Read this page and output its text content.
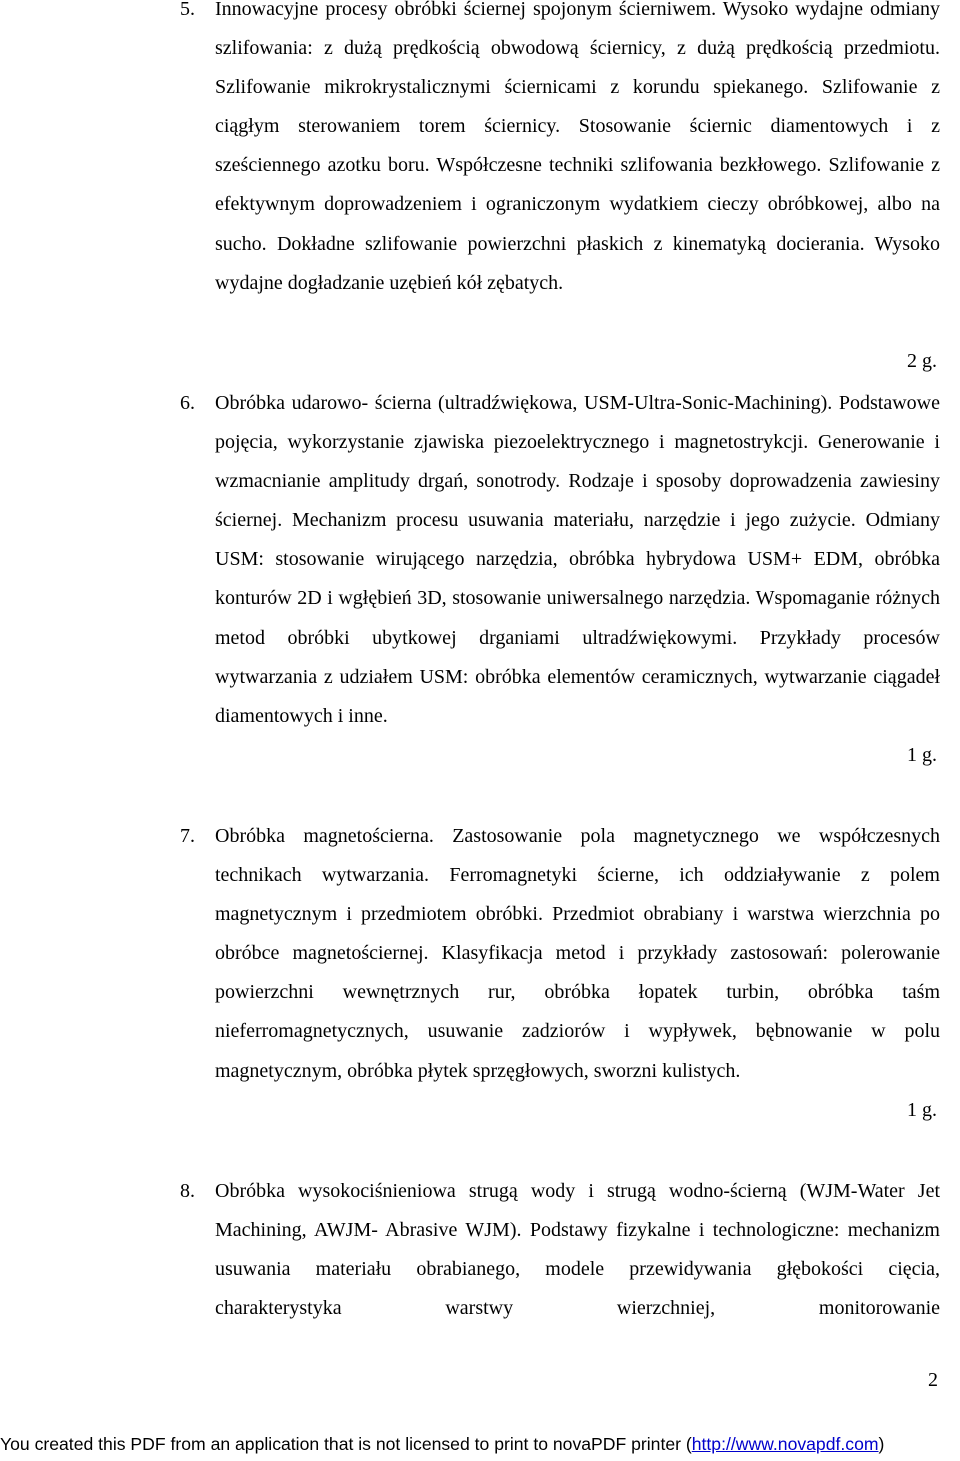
5. Innowacyjne procesy obróbki ściernej spojonym ścierniwem. Wysoko wydajne odmiany szlifowania: z dużą prędkością obwodową ściernicy, z dużą prędkością przedmiotu. Szlifowanie mikrokrystalicznymi ściernicami z korundu spiekanego. Szlifowanie z ciągłym sterowaniem torem ściernicy. Stosowanie ściernic diamentowych i z sześciennego azotku boru. Współczesne techniki szlifowania bezkłowego. Szlifowanie z efektywnym doprowadzeniem i ograniczonym wydatkiem cieczy obróbkowej, albo na sucho. Dokładne szlifowanie powierzchni płaskich z kinematyką docierania. Wysoko wydajne dogładzanie uzębień kół zębatych.

2 g.
6. Obróbka udarowo- ścierna (ultradźwiękowa, USM-Ultra-Sonic-Machining). Podstawowe pojęcia, wykorzystanie zjawiska piezoelektrycznego i magnetostrykcji. Generowanie i wzmacnianie amplitudy drgań, sonotrody. Rodzaje i sposoby doprowadzenia zawiesiny ściernej. Mechanizm procesu usuwania materiału, narzędzie i jego zużycie. Odmiany USM: stosowanie wirującego narzędzia, obróbka hybrydowa USM+ EDM, obróbka konturów 2D i wgłębień 3D, stosowanie uniwersalnego narzędzia. Wspomaganie różnych metod obróbki ubytkowej drganiami ultradźwiękowymi. Przykłady procesów wytwarzania z udziałem USM: obróbka elementów ceramicznych, wytwarzanie ciągadeł diamentowych i inne.

1 g.
7. Obróbka magnetościerna. Zastosowanie pola magnetycznego we współczesnych technikach wytwarzania. Ferromagnetyki ścierne, ich oddziaływanie z polem magnetycznym i przedmiotem obróbki. Przedmiot obrabiany i warstwa wierzchnia po obróbce magnetościernej. Klasyfikacja metod i przykłady zastosowań: polerowanie powierzchni wewnętrznych rur, obróbka łopatek turbin, obróbka taśm nieferromagnetycznych, usuwanie zadziorów i wypływek, bębnowanie w polu magnetycznym, obróbka płytek sprzęgłowych, sworzni kulistych.

1 g.
8. Obróbka wysokociśnieniowa strugą wody i strugą wodno-ścierną (WJM-Water Jet Machining, AWJM- Abrasive WJM). Podstawy fizykalne i technologiczne: mechanizm usuwania materiału obrabianego, modele przewidywania głębokości cięcia, charakterystyka warstwy wierzchniej, monitorowanie

2
You created this PDF from an application that is not licensed to print to novaPDF printer (http://www.novapdf.com)
